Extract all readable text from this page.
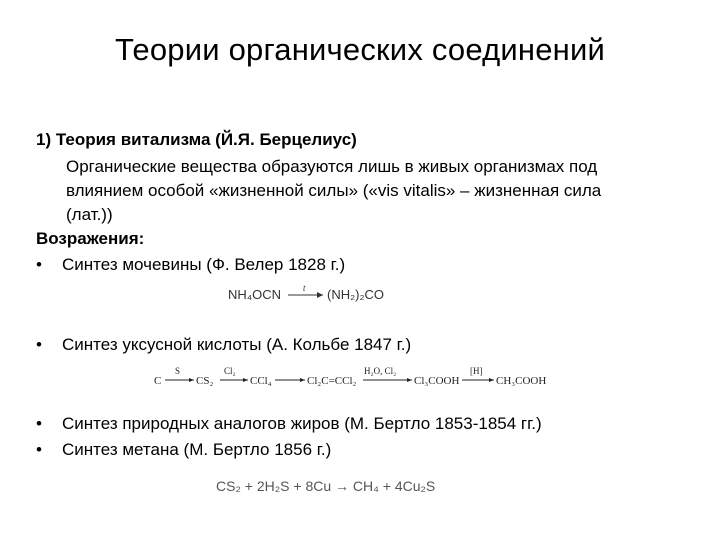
Теории органических соединений
1) Теория витализма (Й.Я. Берцелиус)
Органические вещества образуются лишь в живых организмах под
влиянием особой «жизненной силы» («vis vitalis» – жизненная сила
(лат.))
Возражения:
• Синтез мочевины (Ф. Велер 1828 г.)
NH₄OCN	t (NH₂)₂CO
• Синтез уксусной кислоты (А. Кольбе 1847 г.)
C
S
CS₂
Cl₂
CCl₄	Cl₂C=CCl₂
H₂O, Cl₂
Cl₃COOH
[H]
CH₃COOH
• Синтез природных аналогов жиров (М. Бертло 1853-1854 гг.)
• Синтез метана (М. Бертло 1856 г.)
CS₂ + 2H₂S + 8Cu → CH₄ + 4Cu₂S
